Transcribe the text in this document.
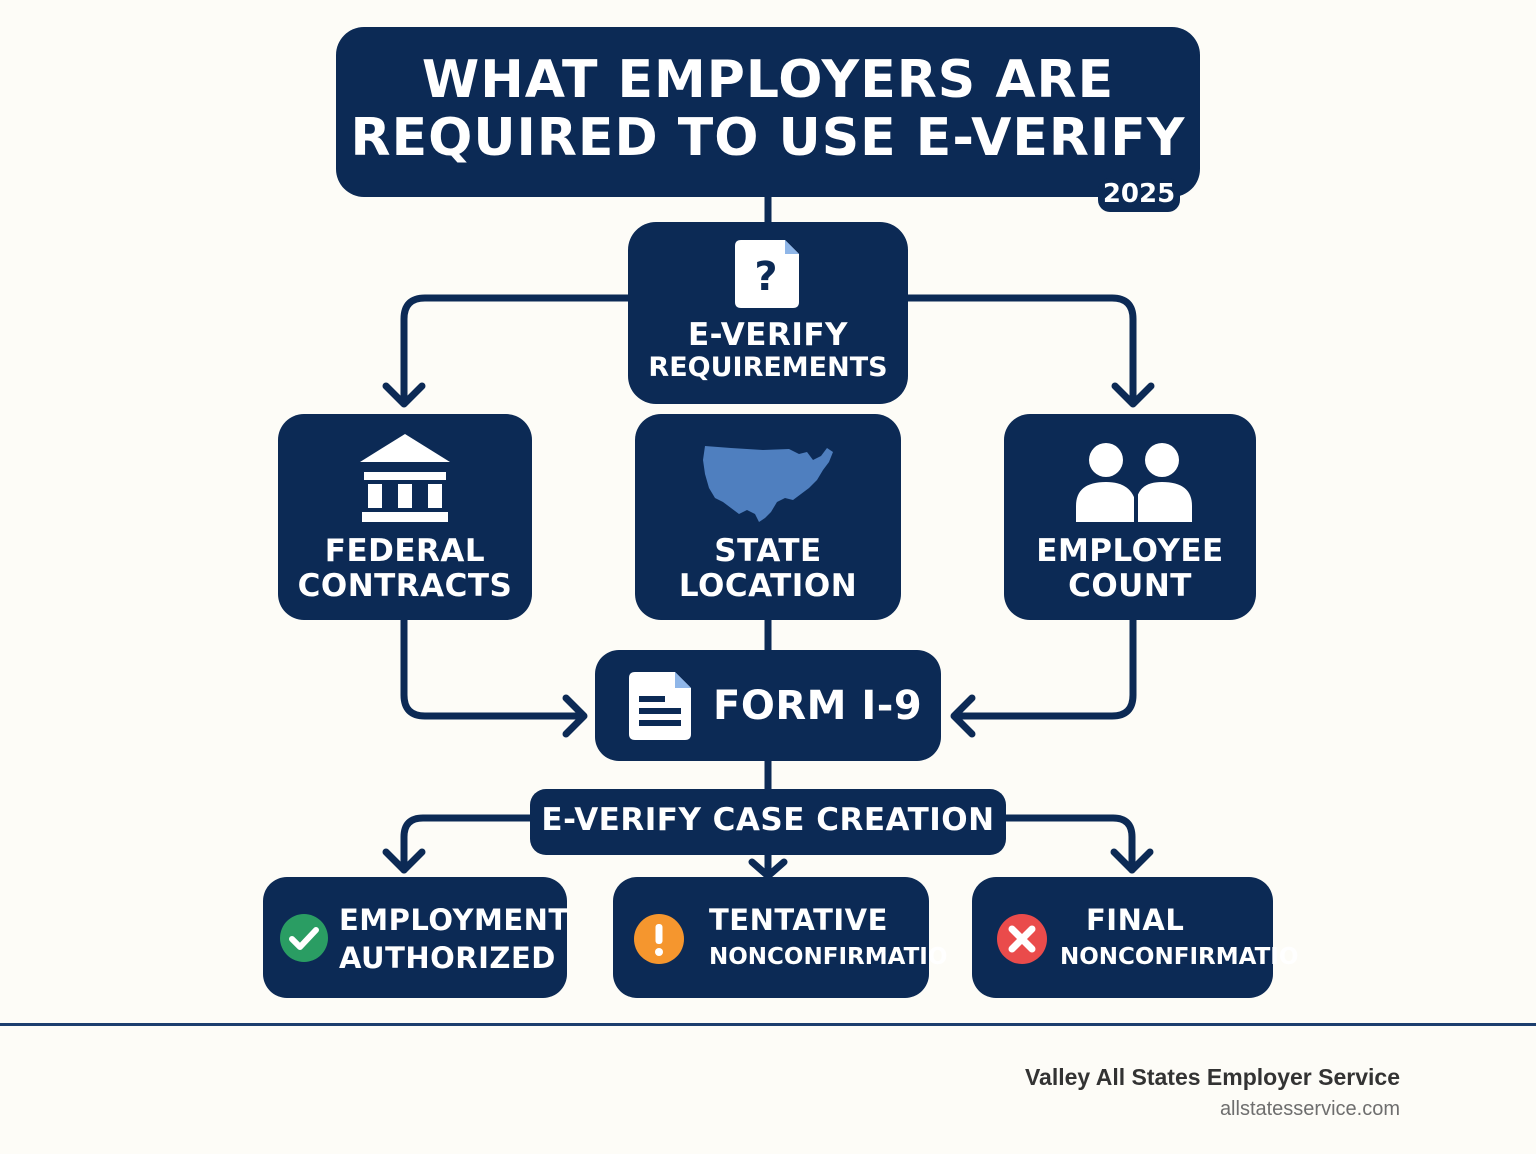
WHAT EMPLOYERS ARE
REQUIRED TO USE E-VERIFY
2025
?
E-VERIFY
REQUIREMENTS
FEDERAL
CONTRACTS
STATE
LOCATION
EMPLOYEE
COUNT
FORM I-9
E-VERIFY CASE CREATION
EMPLOYMENT
AUTHORIZED
TENTATIVE
NONCONFIRMATIO
FINAL
NONCONFIRMATIO
Valley All States Employer Service
allstatesservice.com
